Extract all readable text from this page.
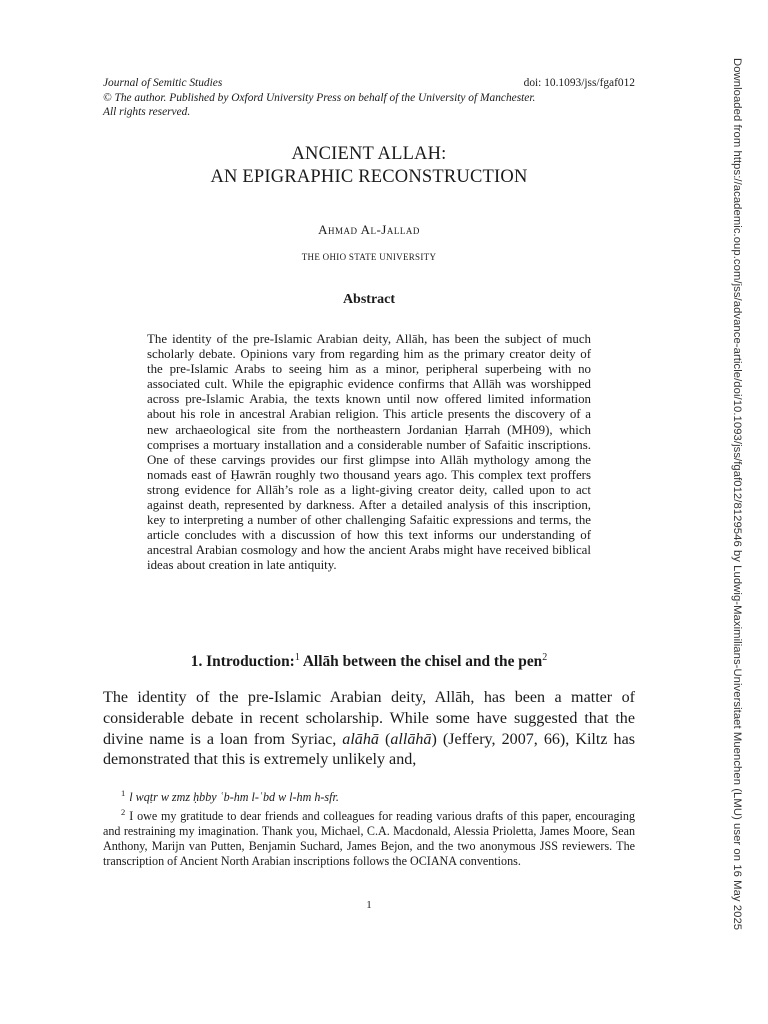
Journal of Semitic Studies	doi: 10.1093/jss/fgaf012
© The author. Published by Oxford University Press on behalf of the University of Manchester.
All rights reserved.
ANCIENT ALLAH:
AN EPIGRAPHIC RECONSTRUCTION
Ahmad Al-Jallad
THE OHIO STATE UNIVERSITY
Abstract
The identity of the pre-Islamic Arabian deity, Allāh, has been the subject of much scholarly debate. Opinions vary from regarding him as the primary creator deity of the pre-Islamic Arabs to seeing him as a minor, peripheral superbeing with no associated cult. While the epigraphic evidence confirms that Allāh was worshipped across pre-Islamic Arabia, the texts known until now offered limited information about his role in ancestral Arabian religion. This article presents the discovery of a new archaeological site from the northeastern Jordanian Ḥarrah (MH09), which comprises a mortuary installation and a considerable number of Safaitic inscriptions. One of these carvings provides our first glimpse into Allāh mythology among the nomads east of Ḥawrān roughly two thousand years ago. This complex text proffers strong evidence for Allāh’s role as a light-giving creator deity, called upon to act against death, represented by darkness. After a detailed analysis of this inscription, key to interpreting a number of other challenging Safaitic expressions and terms, the article concludes with a discussion of how this text informs our understanding of ancestral Arabian cosmology and how the ancient Arabs might have received biblical ideas about creation in late antiquity.
1. Introduction:$^1$ Allāh between the chisel and the pen$^2$
The identity of the pre-Islamic Arabian deity, Allāh, has been a matter of considerable debate in recent scholarship. While some have suggested that the divine name is a loan from Syriac, alāhā (allāhā) (Jeffery, 2007, 66), Kiltz has demonstrated that this is extremely unlikely and,
$^1$ l wqṭr w zmz ḥbby ʿb-hm l-ʿbd w l-hm h-sfr.
$^2$ I owe my gratitude to dear friends and colleagues for reading various drafts of this paper, encouraging and restraining my imagination. Thank you, Michael, C.A. Macdonald, Alessia Prioletta, James Moore, Sean Anthony, Marijn van Putten, Benjamin Suchard, James Bejon, and the two anonymous JSS reviewers. The transcription of Ancient North Arabian inscriptions follows the OCIANA conventions.
1	Downloaded from https://academic.oup.com/jss/advance-article/doi/10.1093/jss/fgaf012/8129546 by Ludwig-Maximilians-Universitaet Muenchen (LMU) user on 16 May 2025
